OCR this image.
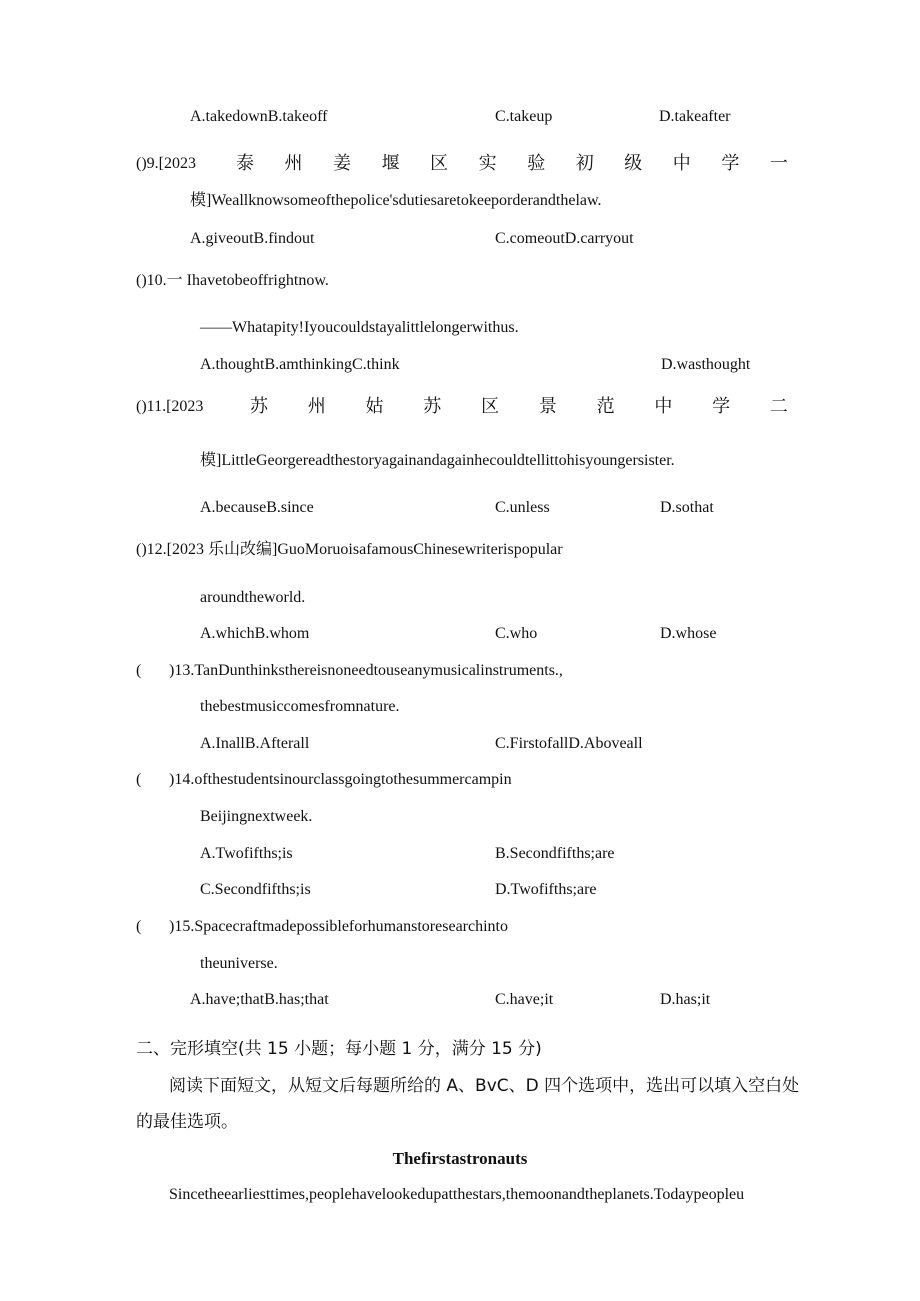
A.takedownB.takeoff	C.takeup	D.takeafter
()9.[2023 泰 州 姜 堰 区 实 验 初 级 中 学 一
模]Weallknowsomeofthepolice'sdutiesaretokeeporderandthelaw.
A.giveoutB.findout	C.comeoutD.carryout
()10.一 Ihavetobeoffrightnow.
——Whatapity!Iyoucouldstayalittlelongerwithus.
A.thoughtB.amthinkingC.think	D.wasthought
()11.[2023	苏 州 姑 苏 区 景 范 中 学 二
模]LittleGeorgereadthestoryagainandagainhecouldtellittohisyoungersister.
A.becauseB.since	C.unless	D.sothat
()12.[2023 乐山改编]GuoMoruoisafamousChinesewriterispopular
aroundtheworld.
A.whichB.whom	C.who	D.whose
( )13.TanDunthinksthereisnoneedtouseanymusicalinstruments.,
thebestmusiccomesfromnature.
A.InallB.Afterall	C.FirstofallD.Aboveall
( )14.ofthestudentsinourclassgoingtothesummercampin
Beijingnextweek.
A.Twofifths;is	B.Secondfifths;are
C.Secondfifths;is	D.Twofifths;are
( )15.Spacecraftmadepossibleforhumanstoresearchinto
theuniverse.
A.have;thatB.has;that	C.have;it	D.has;it
二、完形填空(共 15 小题；每小题 1 分，满分 15 分)
阅读下面短文，从短文后每题所给的 A、BvC、D 四个选项中，选出可以填入空白处
的最佳选项。
Thefirstastronauts
Sincetheearliesttimes,peoplehavelookedupatthestars,themoonandtheplanets.Todaypeopleu
